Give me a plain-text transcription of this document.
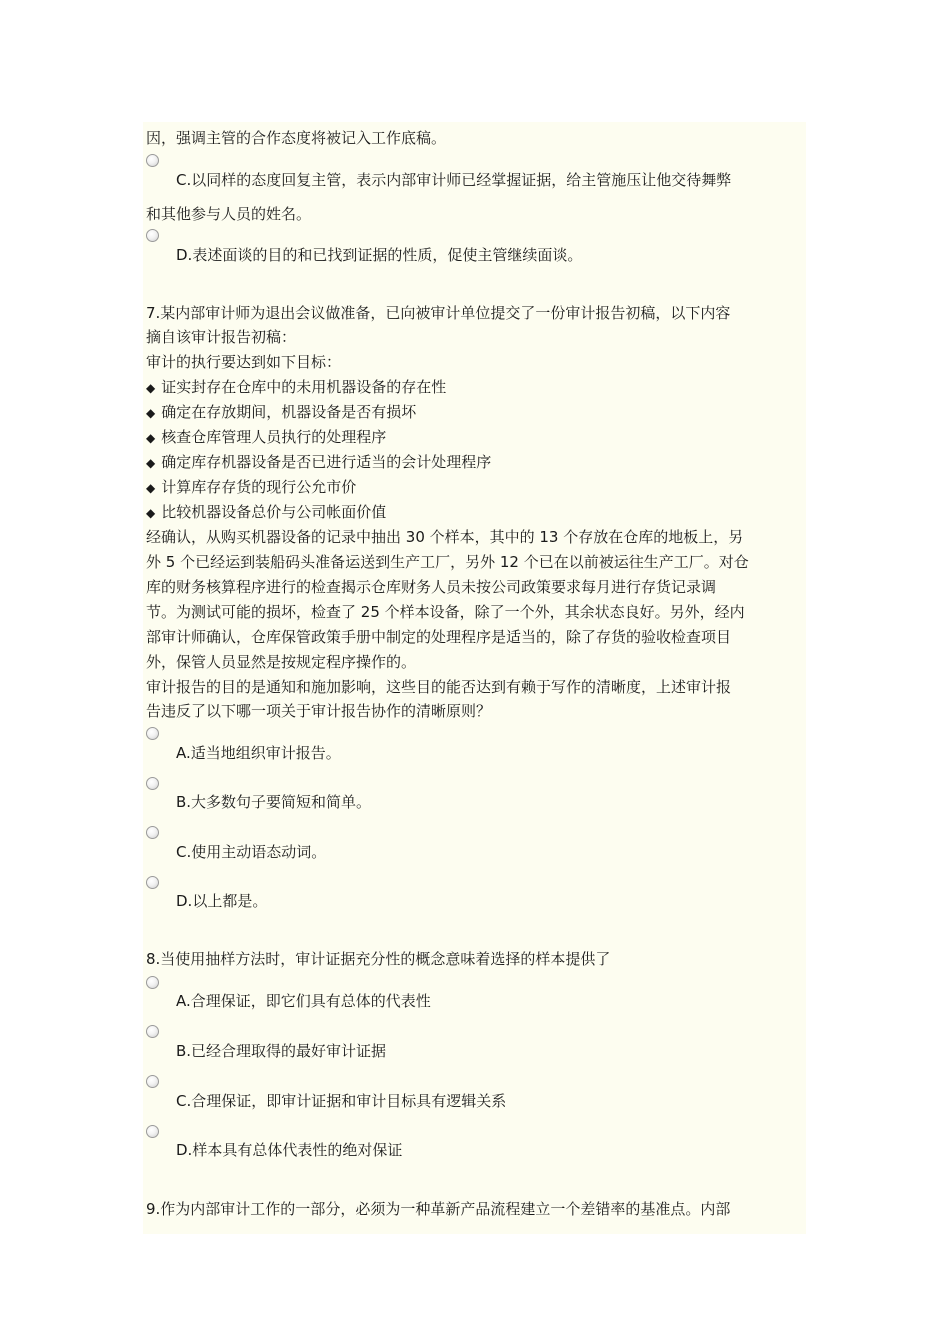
因，强调主管的合作态度将被记入工作底稿。
C.以同样的态度回复主管，表示内部审计师已经掌握证据，给主管施压让他交待舞弊
和其他参与人员的姓名。
D.表述面谈的目的和已找到证据的性质，促使主管继续面谈。
7.某内部审计师为退出会议做准备，已向被审计单位提交了一份审计报告初稿，以下内容
摘自该审计报告初稿：
审计的执行要达到如下目标：
◆ 证实封存在仓库中的未用机器设备的存在性
◆ 确定在存放期间，机器设备是否有损坏
◆ 核查仓库管理人员执行的处理程序
◆ 确定库存机器设备是否已进行适当的会计处理程序
◆ 计算库存存货的现行公允市价
◆ 比较机器设备总价与公司帐面价值
经确认，从购买机器设备的记录中抽出 30 个样本，其中的 13 个存放在仓库的地板上，另
外 5 个已经运到装船码头准备运送到生产工厂，另外 12 个已在以前被运往生产工厂。对仓
库的财务核算程序进行的检查揭示仓库财务人员未按公司政策要求每月进行存货记录调
节。为测试可能的损坏，检查了 25 个样本设备，除了一个外，其余状态良好。另外，经内
部审计师确认，仓库保管政策手册中制定的处理程序是适当的，除了存货的验收检查项目
外，保管人员显然是按规定程序操作的。
审计报告的目的是通知和施加影响，这些目的能否达到有赖于写作的清晰度，上述审计报
告违反了以下哪一项关于审计报告协作的清晰原则？
A.适当地组织审计报告。
B.大多数句子要简短和简单。
C.使用主动语态动词。
D.以上都是。
8.当使用抽样方法时，审计证据充分性的概念意味着选择的样本提供了
A.合理保证，即它们具有总体的代表性
B.已经合理取得的最好审计证据
C.合理保证，即审计证据和审计目标具有逻辑关系
D.样本具有总体代表性的绝对保证
9.作为内部审计工作的一部分，必须为一种革新产品流程建立一个差错率的基准点。内部
